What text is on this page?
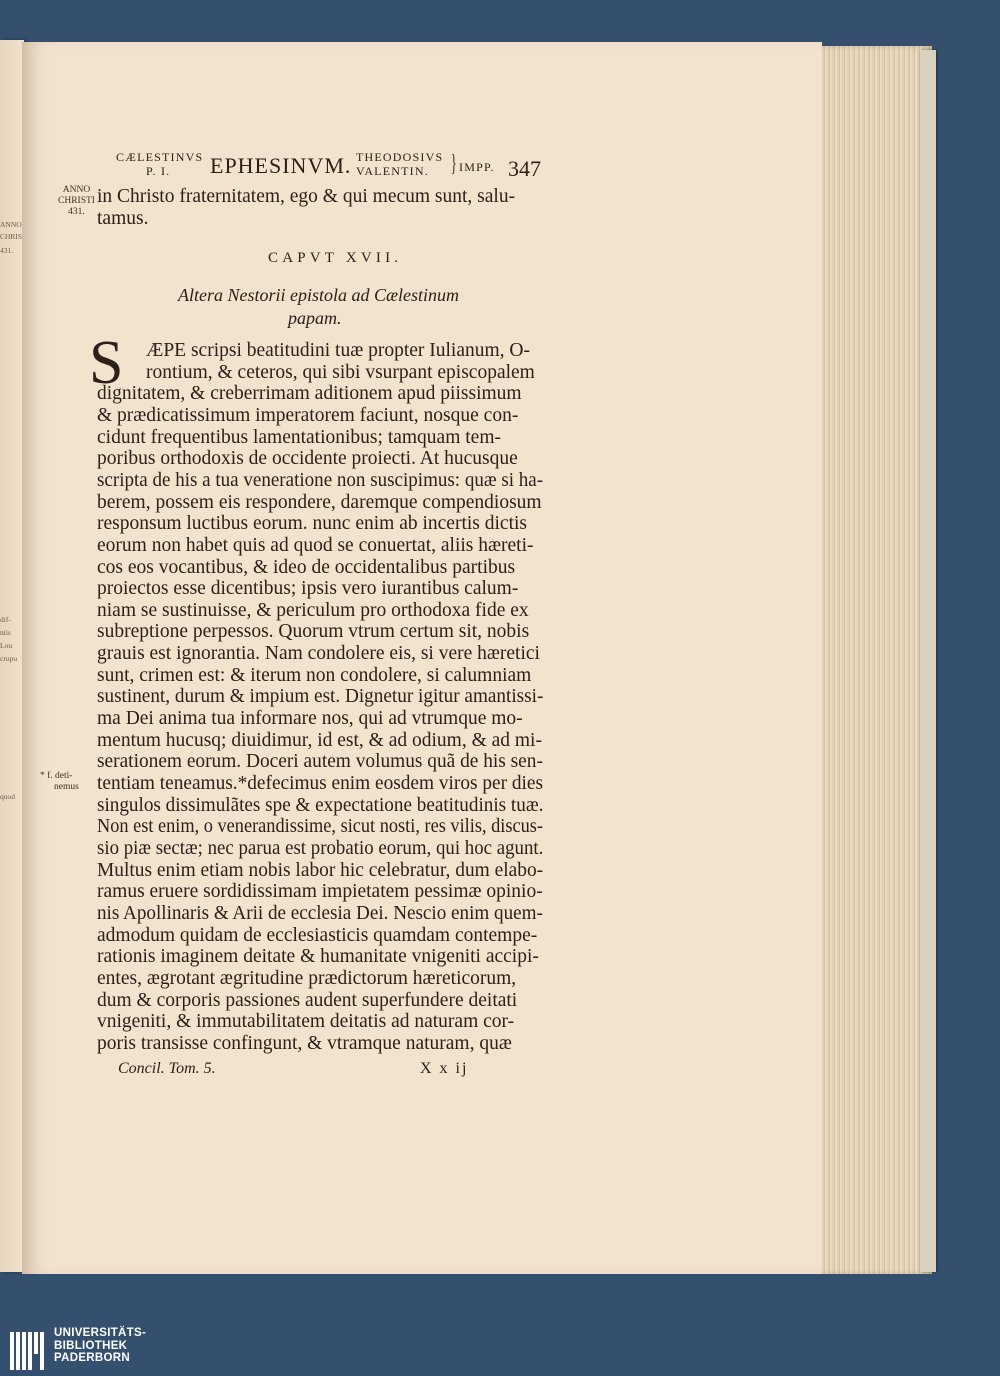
ANNO
CHRIS
431.
dif-
ntis
Lou
crupu
quod
CÆLESTINVS
P. I.	EPHESINVM. THEODOSIVS
VALENTIN. } IMPP. 347
ANNO
CHRISTI
431.
* f. deti-
nemus
in Christo fraternitatem, ego & qui mecum sunt, salu-
tamus.
CAPVT XVII.
Altera Nestorii epistola ad Cælestinum
papam.
S ÆPE scripsi beatitudini tuæ propter Iulianum, O-
rontium, & ceteros, qui sibi vsurpant episcopalem
dignitatem, & creberrimam aditionem apud piissimum
& prædicatissimum imperatorem faciunt, nosque con-
cidunt frequentibus lamentationibus; tamquam tem-
poribus orthodoxis de occidente proiecti. At hucusque
scripta de his a tua veneratione non suscipimus: quæ si ha-
berem, possem eis respondere, daremque compendiosum
responsum luctibus eorum. nunc enim ab incertis dictis
eorum non habet quis ad quod se conuertat, aliis hæreti-
cos eos vocantibus, & ideo de occidentalibus partibus
proiectos esse dicentibus; ipsis vero iurantibus calum-
niam se sustinuisse, & periculum pro orthodoxa fide ex
subreptione perpessos. Quorum vtrum certum sit, nobis
grauis est ignorantia. Nam condolere eis, si vere hæretici
sunt, crimen est: & iterum non condolere, si calumniam
sustinent, durum & impium est. Dignetur igitur amantissi-
ma Dei anima tua informare nos, qui ad vtrumque mo-
mentum hucusq; diuidimur, id est, & ad odium, & ad mi-
serationem eorum. Doceri autem volumus quã de his sen-
tentiam teneamus.*defecimus enim eosdem viros per dies
singulos dissimulãtes spe & expectatione beatitudinis tuæ.
Non est enim, o venerandissime, sicut nosti, res vilis, discus-
sio piæ sectæ; nec parua est probatio eorum, qui hoc agunt.
Multus enim etiam nobis labor hic celebratur, dum elabo-
ramus eruere sordidissimam impietatem pessimæ opinio-
nis Apollinaris & Arii de ecclesia Dei. Nescio enim quem-
admodum quidam de ecclesiasticis quamdam contempe-
rationis imaginem deitate & humanitate vnigeniti accipi-
entes, ægrotant ægritudine prædictorum hæreticorum,
dum & corporis passiones audent superfundere deitati
vnigeniti, & immutabilitatem deitatis ad naturam cor-
poris transisse confingunt, & vtramque naturam, quæ
Concil. Tom. 5.	X x ij
UNIVERSITÄTS-
BIBLIOTHEK
PADERBORN
